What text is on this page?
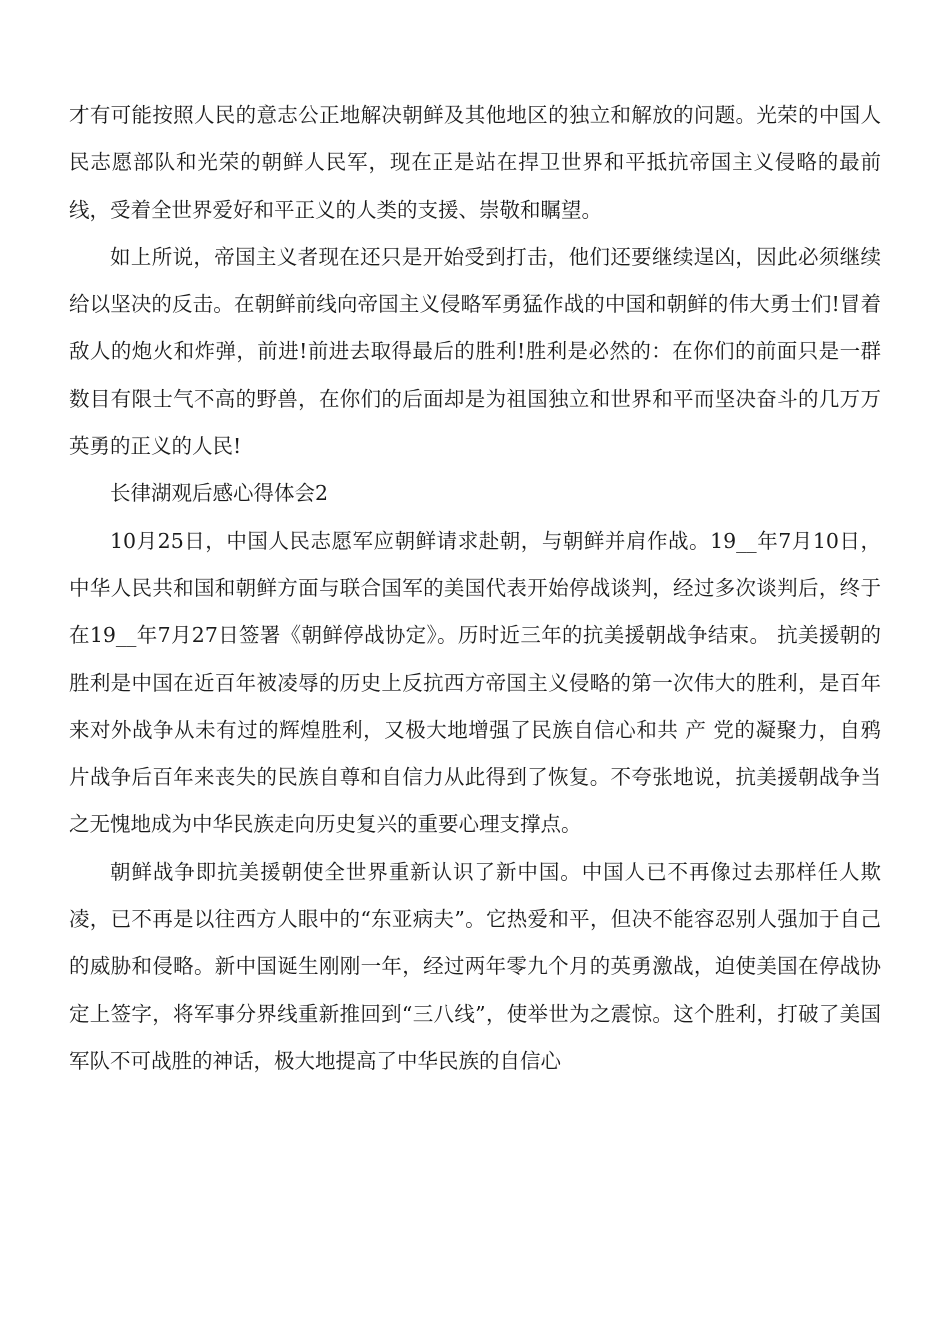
才有可能按照人民的意志公正地解决朝鲜及其他地区的独立和解放的问题。光荣的中国人民志愿部队和光荣的朝鲜人民军，现在正是站在捍卫世界和平抵抗帝国主义侵略的最前线，受着全世界爱好和平正义的人类的支援、崇敬和瞩望。

如上所说，帝国主义者现在还只是开始受到打击，他们还要继续逞凶，因此必须继续给以坚决的反击。在朝鲜前线向帝国主义侵略军勇猛作战的中国和朝鲜的伟大勇士们!冒着敌人的炮火和炸弹，前进!前进去取得最后的胜利!胜利是必然的：在你们的前面只是一群数目有限士气不高的野兽，在你们的后面却是为祖国独立和世界和平而坚决奋斗的几万万英勇的正义的人民!

长律湖观后感心得体会2

10月25日，中国人民志愿军应朝鲜请求赴朝，与朝鲜并肩作战。19__年7月10日，中华人民共和国和朝鲜方面与联合国军的美国代表开始停战谈判，经过多次谈判后，终于在19__年7月27日签署《朝鲜停战协定》。历时近三年的抗美援朝战争结束。 抗美援朝的胜利是中国在近百年被凌辱的历史上反抗西方帝国主义侵略的第一次伟大的胜利，是百年来对外战争从未有过的辉煌胜利，又极大地增强了民族自信心和共 产 党的凝聚力，自鸦片战争后百年来丧失的民族自尊和自信力从此得到了恢复。不夸张地说，抗美援朝战争当之无愧地成为中华民族走向历史复兴的重要心理支撑点。

朝鲜战争即抗美援朝使全世界重新认识了新中国。中国人已不再像过去那样任人欺凌，已不再是以往西方人眼中的“东亚病夫”。它热爱和平，但决不能容忍别人强加于自己的威胁和侵略。新中国诞生刚刚一年，经过两年零九个月的英勇激战，迫使美国在停战协定上签字，将军事分界线重新推回到“三八线”，使举世为之震惊。这个胜利，打破了美国军队不可战胜的神话，极大地提高了中华民族的自信心
